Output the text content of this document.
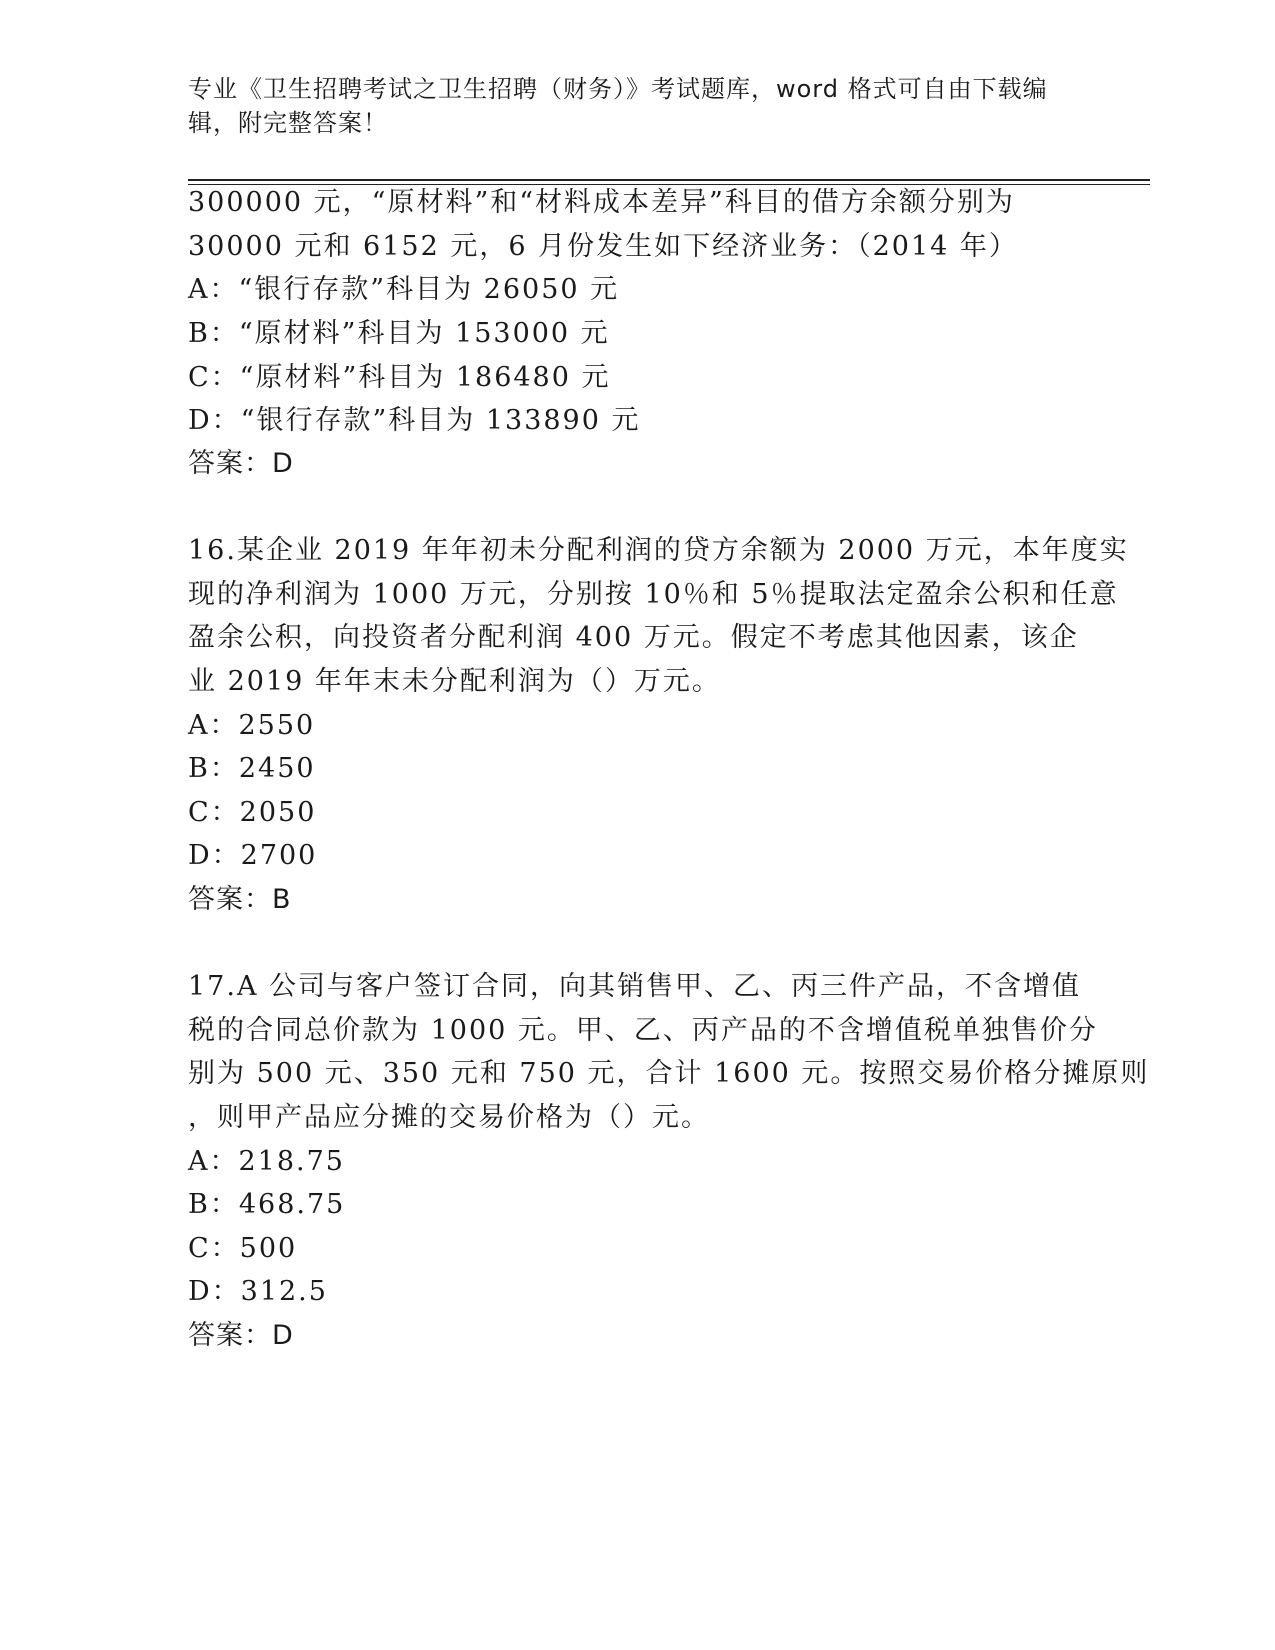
专业《卫生招聘考试之卫生招聘（财务）》考试题库，word 格式可自由下载编辑，附完整答案！
300000 元，“原材料”和“材料成本差异”科目的借方余额分别为
30000 元和 6152 元，6 月份发生如下经济业务：（2014 年）
A：“银行存款”科目为 26050 元
B：“原材料”科目为 153000 元
C：“原材料”科目为 186480 元
D：“银行存款”科目为 133890 元
答案：D
16.某企业 2019 年年初未分配利润的贷方余额为 2000 万元，本年度实
现的净利润为 1000 万元，分别按 10％和 5％提取法定盈余公积和任意
盈余公积，向投资者分配利润 400 万元。假定不考虑其他因素，该企
业 2019 年年末未分配利润为（）万元。
A：2550
B：2450
C：2050
D：2700
答案：B
17.A 公司与客户签订合同，向其销售甲、乙、丙三件产品，不含增值
税的合同总价款为 1000 元。甲、乙、丙产品的不含增值税单独售价分
别为 500 元、350 元和 750 元，合计 1600 元。按照交易价格分摊原则
，则甲产品应分摊的交易价格为（）元。
A：218.75
B：468.75
C：500
D：312.5
答案：D
